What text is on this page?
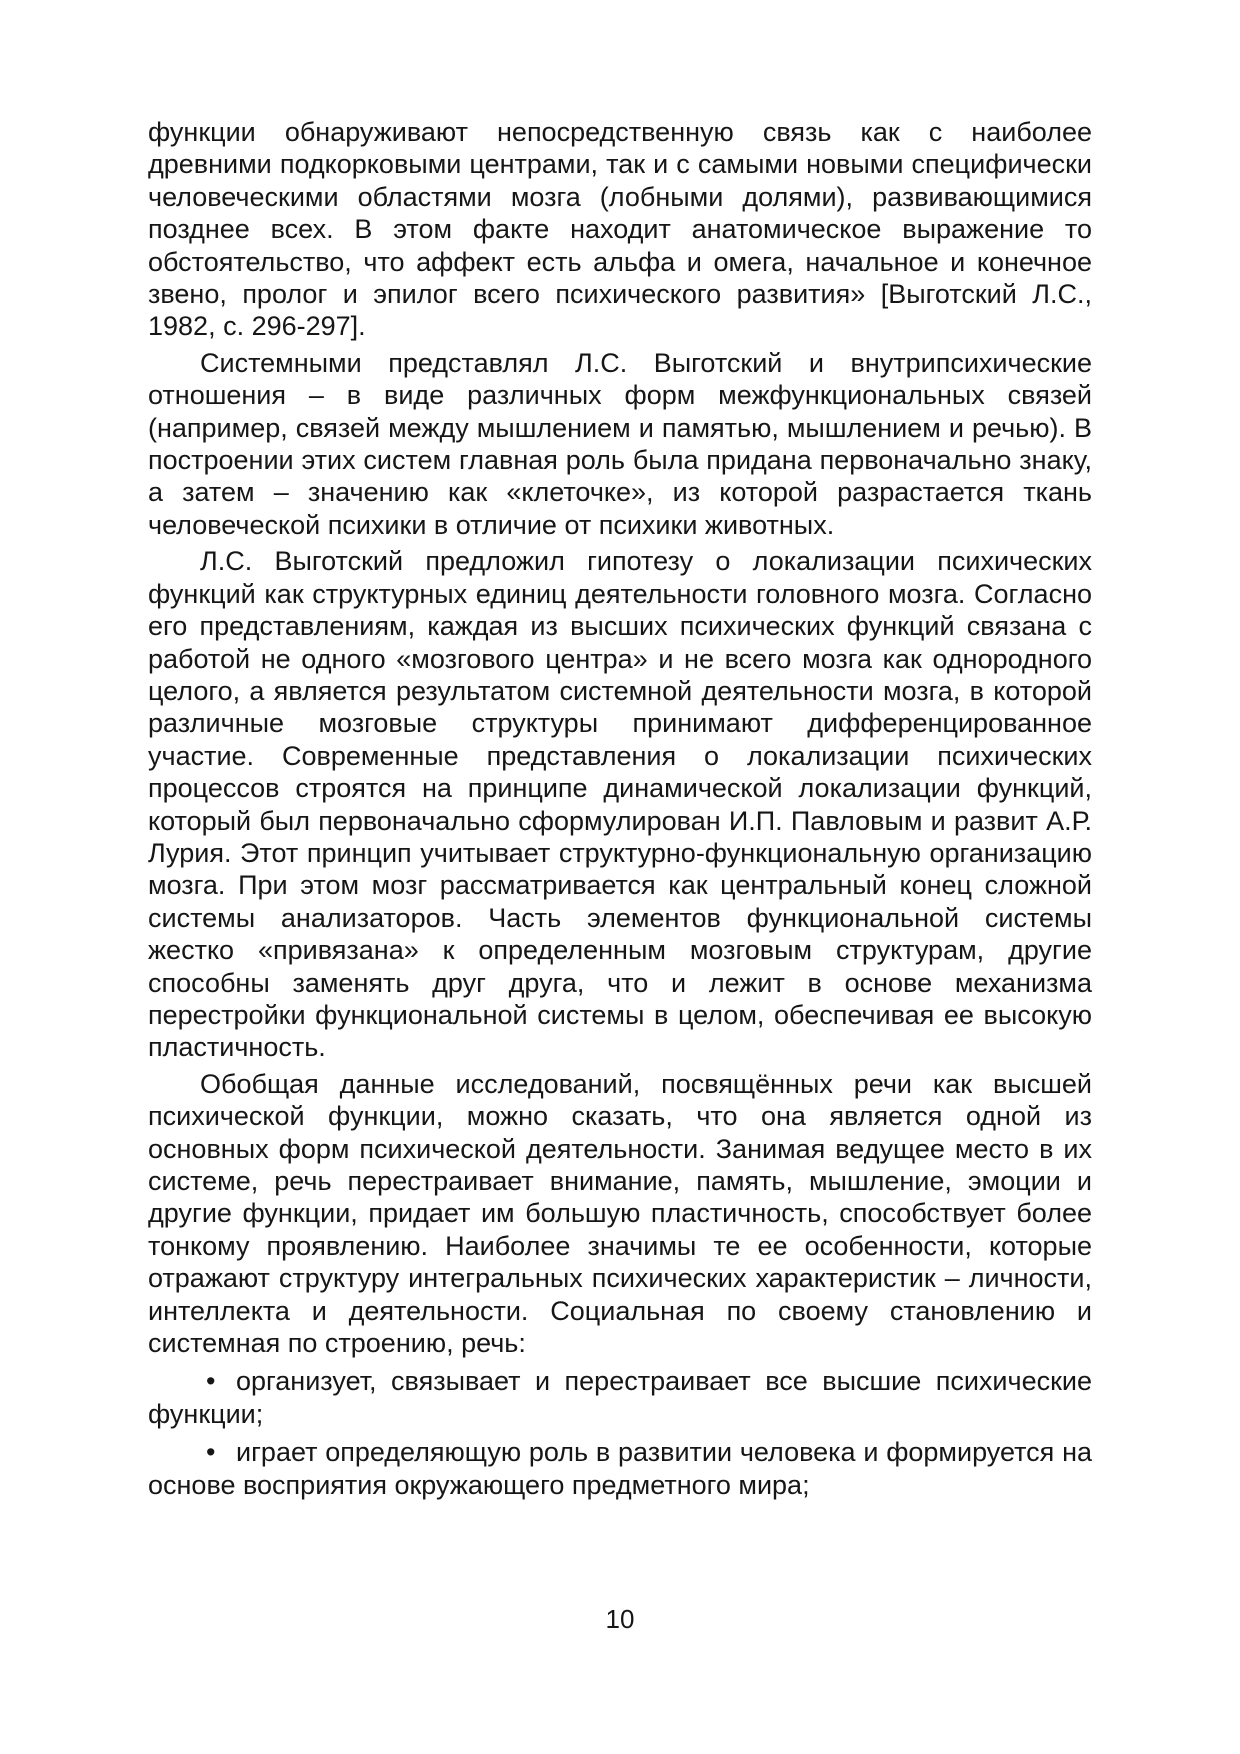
функции обнаруживают непосредственную связь как с наиболее древними подкорковыми центрами, так и с самыми новыми специфически человеческими областями мозга (лобными долями), развивающимися позднее всех. В этом факте находит анатомическое выражение то обстоятельство, что аффект есть альфа и омега, начальное и конечное звено, пролог и эпилог всего психического развития» [Выготский Л.С., 1982, с. 296-297].

Системными представлял Л.С. Выготский и внутрипсихические отношения – в виде различных форм межфункциональных связей (например, связей между мышлением и памятью, мышлением и речью). В построении этих систем главная роль была придана первоначально знаку, а затем – значению как «клеточке», из которой разрастается ткань человеческой психики в отличие от психики животных.

Л.С. Выготский предложил гипотезу о локализации психических функций как структурных единиц деятельности головного мозга. Согласно его представлениям, каждая из высших психических функций связана с работой не одного «мозгового центра» и не всего мозга как однородного целого, а является результатом системной деятельности мозга, в которой различные мозговые структуры принимают дифференцированное участие. Современные представления о локализации психических процессов строятся на принципе динамической локализации функций, который был первоначально сформулирован И.П. Павловым и развит А.Р. Лурия. Этот принцип учитывает структурно-функциональную организацию мозга. При этом мозг рассматривается как центральный конец сложной системы анализаторов. Часть элементов функциональной системы жестко «привязана» к определенным мозговым структурам, другие способны заменять друг друга, что и лежит в основе механизма перестройки функциональной системы в целом, обеспечивая ее высокую пластичность.

Обобщая данные исследований, посвящённых речи как высшей психической функции, можно сказать, что она является одной из основных форм психической деятельности. Занимая ведущее место в их системе, речь перестраивает внимание, память, мышление, эмоции и другие функции, придает им большую пластичность, способствует более тонкому проявлению. Наиболее значимы те ее особенности, которые отражают структуру интегральных психических характеристик – личности, интеллекта и деятельности. Социальная по своему становлению и системная по строению, речь:

• организует, связывает и перестраивает все высшие психические функции;
• играет определяющую роль в развитии человека и формируется на основе восприятия окружающего предметного мира;
10
